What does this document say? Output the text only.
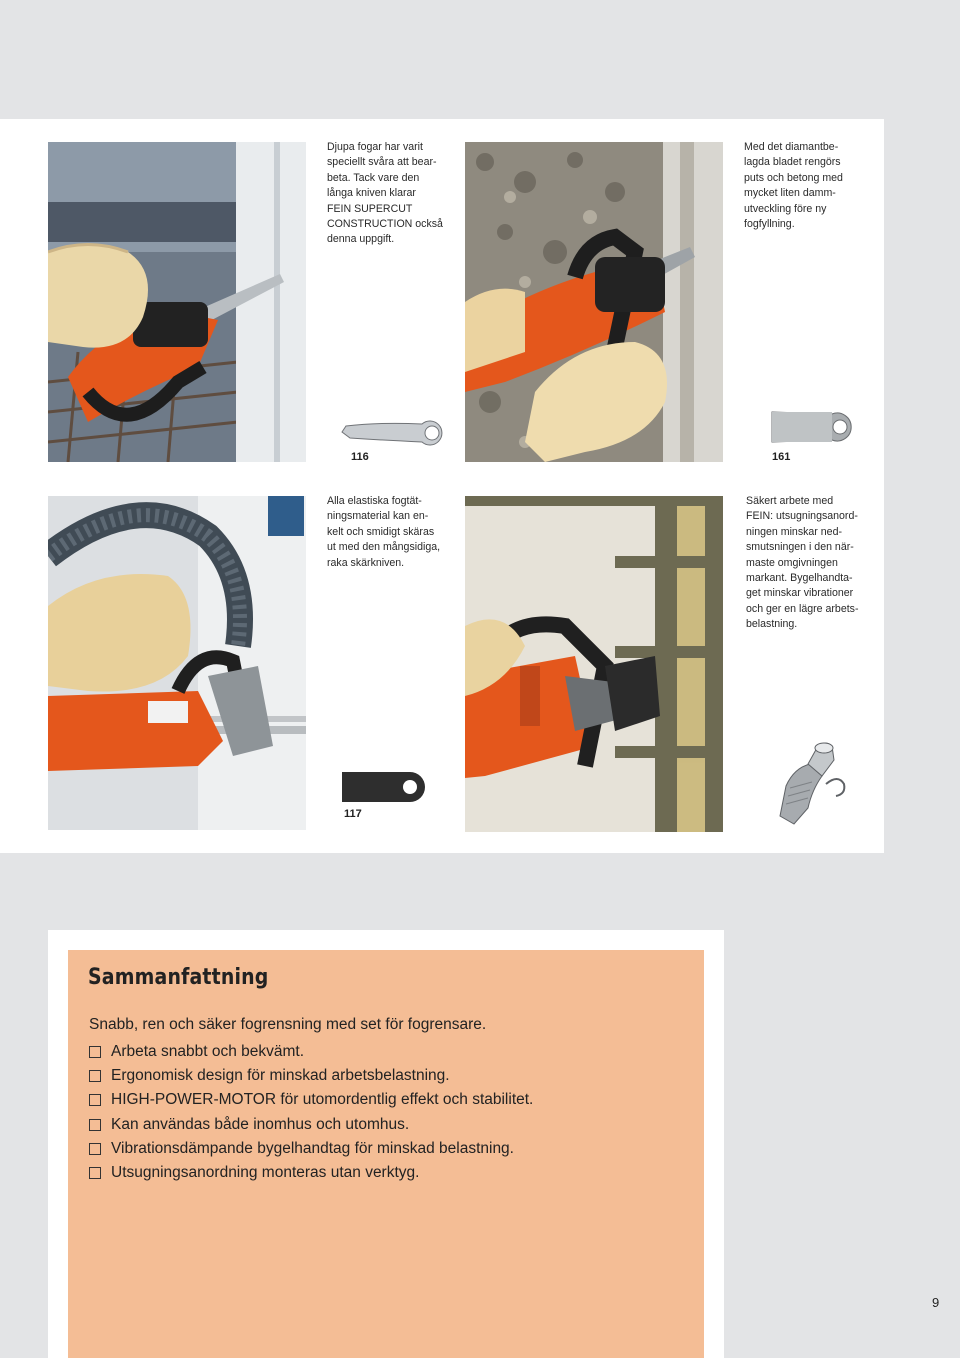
Djupa fogar har varit
speciellt svåra att bear-
beta. Tack vare den
långa kniven klarar
FEIN SUPERCUT
CONSTRUCTION också
denna uppgift.

Med det diamantbe-
lagda bladet rengörs
puts och betong med
mycket liten damm-
utveckling före ny
fogfyllning.

116	161

Alla elastiska fogtät-
ningsmaterial kan en-
kelt och smidigt skäras
ut med den mångsidiga,
raka skärkniven.

Säkert arbete med
FEIN: utsugningsanord-
ningen minskar ned-
smutsningen i den när-
maste omgivningen
markant. Bygelhandta-
get minskar vibrationer
och ger en lägre arbets-
belastning.

117
Sammanfattning
Snabb, ren och säker fogrensning med set för fogrensare.
Arbeta snabbt och bekvämt.
Ergonomisk design för minskad arbetsbelastning.
HIGH-POWER-MOTOR för utomordentlig effekt och stabilitet.
Kan användas både inomhus och utomhus.
Vibrationsdämpande bygelhandtag för minskad belastning.
Utsugningsanordning monteras utan verktyg.
9
